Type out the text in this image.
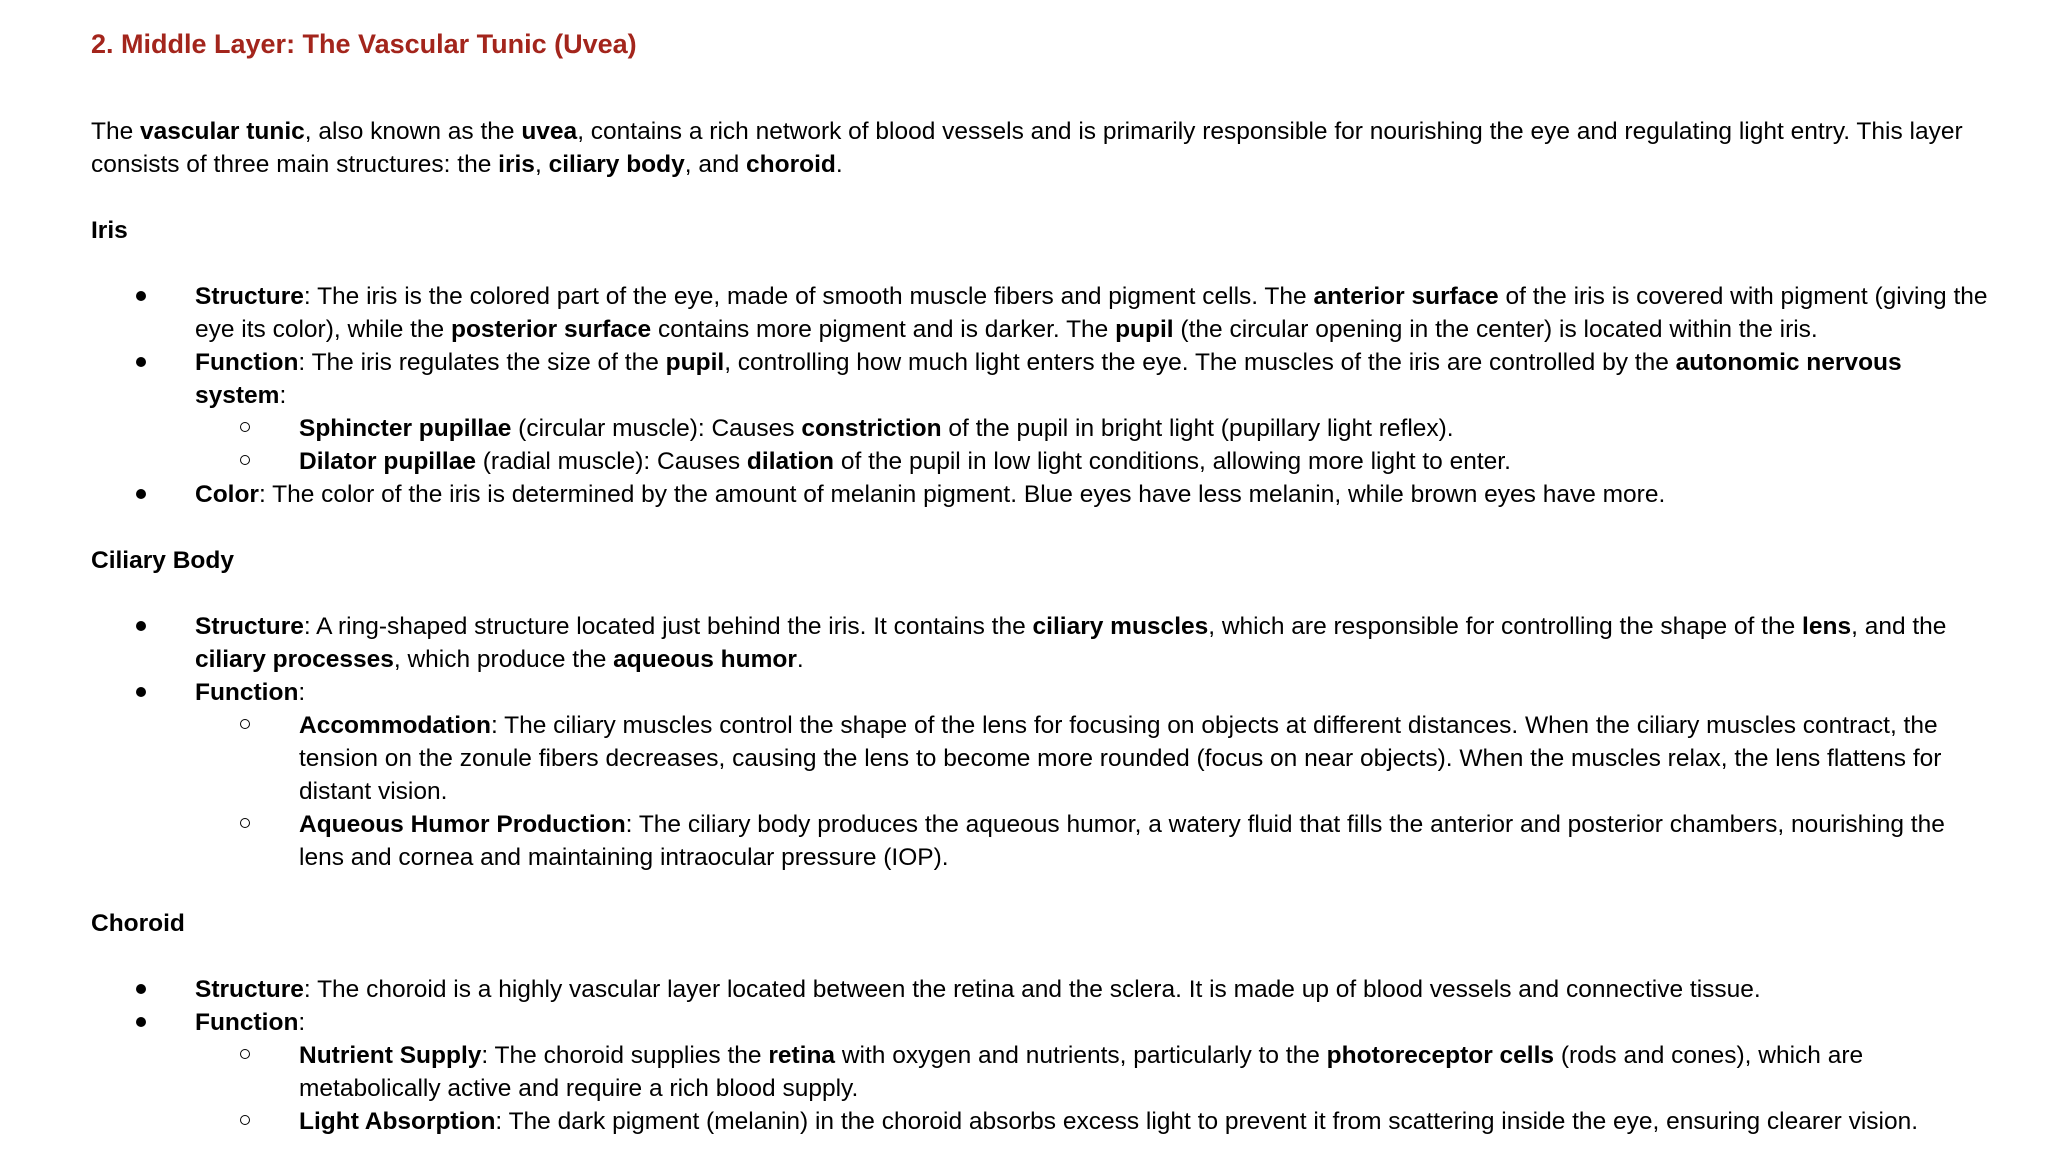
2. Middle Layer: The Vascular Tunic (Uvea)

The vascular tunic, also known as the uvea, contains a rich network of blood vessels and is primarily responsible for nourishing the eye and regulating light entry. This layer consists of three main structures: the iris, ciliary body, and choroid.

Iris
Structure: The iris is the colored part of the eye, made of smooth muscle fibers and pigment cells. The anterior surface of the iris is covered with pigment (giving the eye its color), while the posterior surface contains more pigment and is darker. The pupil (the circular opening in the center) is located within the iris.
Function: The iris regulates the size of the pupil, controlling how much light enters the eye. The muscles of the iris are controlled by the autonomic nervous system:
Sphincter pupillae (circular muscle): Causes constriction of the pupil in bright light (pupillary light reflex).
Dilator pupillae (radial muscle): Causes dilation of the pupil in low light conditions, allowing more light to enter.
Color: The color of the iris is determined by the amount of melanin pigment. Blue eyes have less melanin, while brown eyes have more.
Ciliary Body
Structure: A ring-shaped structure located just behind the iris. It contains the ciliary muscles, which are responsible for controlling the shape of the lens, and the ciliary processes, which produce the aqueous humor.
Function:
Accommodation: The ciliary muscles control the shape of the lens for focusing on objects at different distances. When the ciliary muscles contract, the tension on the zonule fibers decreases, causing the lens to become more rounded (focus on near objects). When the muscles relax, the lens flattens for distant vision.
Aqueous Humor Production: The ciliary body produces the aqueous humor, a watery fluid that fills the anterior and posterior chambers, nourishing the lens and cornea and maintaining intraocular pressure (IOP).
Choroid
Structure: The choroid is a highly vascular layer located between the retina and the sclera. It is made up of blood vessels and connective tissue.
Function:
Nutrient Supply: The choroid supplies the retina with oxygen and nutrients, particularly to the photoreceptor cells (rods and cones), which are metabolically active and require a rich blood supply.
Light Absorption: The dark pigment (melanin) in the choroid absorbs excess light to prevent it from scattering inside the eye, ensuring clearer vision.
